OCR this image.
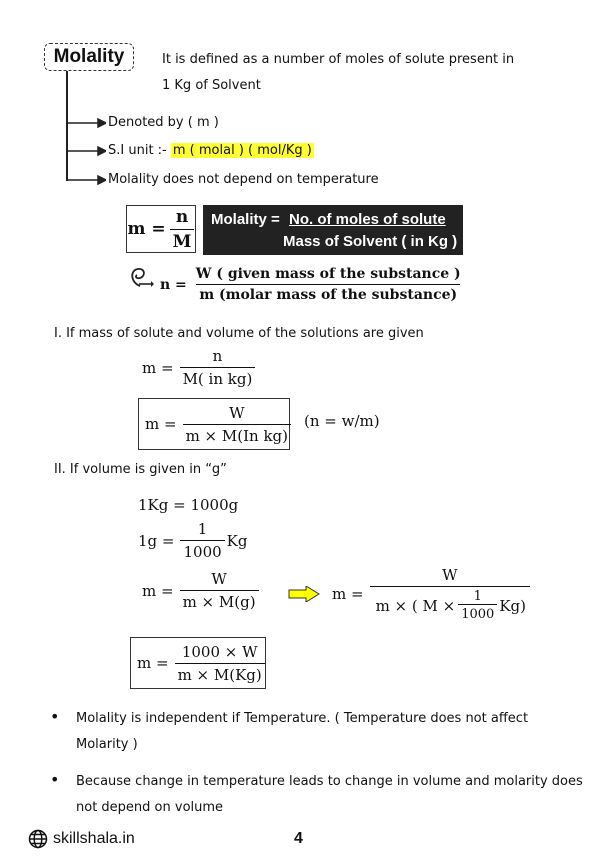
Molality	It is defined as a number of moles of solute present in
1 Kg of Solvent
Denoted by ( m )
S.I unit :- m ( molal ) ( mol/Kg )
Molality does not depend on temperature
$m = \frac{n}{M}$ Molality = No. of moles of solute
Mass of Solvent ( in Kg )
$n = \frac{\text{W ( given mass of the substance )}}{\text{m (molar mass of the substance)}}$
I. If mass of solute and volume of the solutions are given
$m = \frac{n}{\text{M( in kg)}}$
$m = \frac{W}{\text{m × M(In kg)}} (n = w/m)$
II. If volume is given in “g”
1Kg = 1000g
$1g = \frac{1}{1000}$ Kg
$m = \frac{W}{m \times M(g)}$	$m = \frac{W}{m \times ( M \times \frac{1}{1000} Kg)}$
$m = \frac{1000 \times W}{m \times M(Kg)}$
• Molality is independent if Temperature. ( Temperature does not affect
Molarity )
• Because change in temperature leads to change in volume and molarity does
not depend on volume
skillshala.in	4
